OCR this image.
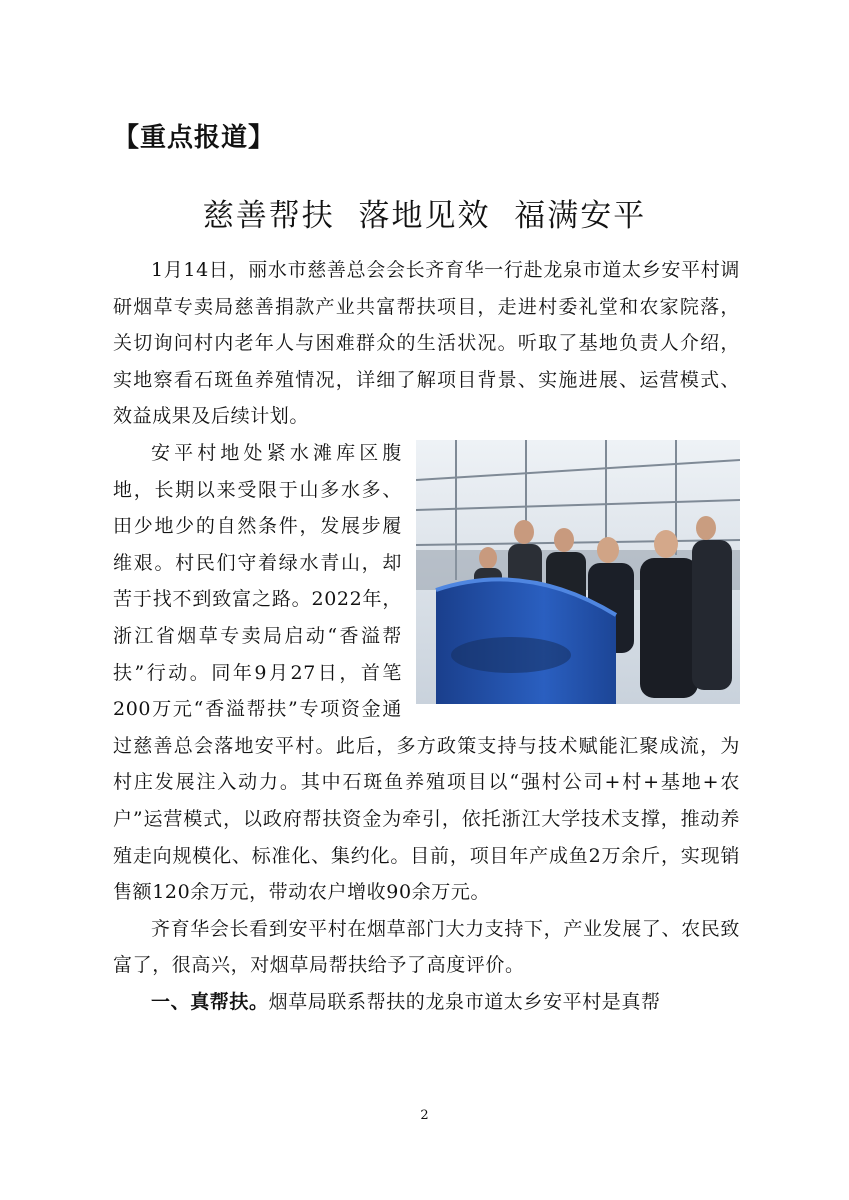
【重点报道】
慈善帮扶  落地见效  福满安平

1月14日，丽水市慈善总会会长齐育华一行赴龙泉市道太乡安平村调研烟草专卖局慈善捐款产业共富帮扶项目，走进村委礼堂和农家院落，关切询问村内老年人与困难群众的生活状况。听取了基地负责人介绍，实地察看石斑鱼养殖情况，详细了解项目背景、实施进展、运营模式、效益成果及后续计划。

安平村地处紧水滩库区腹地，长期以来受限于山多水多、田少地少的自然条件，发展步履维艰。村民们守着绿水青山，却苦于找不到致富之路。2022年，浙江省烟草专卖局启动“香溢帮扶”行动。同年9月27日，首笔200万元“香溢帮扶”专项资金通过慈善总会落地安平村。此后，多方政策支持与技术赋能汇聚成流，为村庄发展注入动力。其中石斑鱼养殖项目以“强村公司+村+基地+农户”运营模式，以政府帮扶资金为牵引，依托浙江大学技术支撑，推动养殖走向规模化、标准化、集约化。目前，项目年产成鱼2万余斤，实现销售额120余万元，带动农户增收90余万元。

齐育华会长看到安平村在烟草部门大力支持下，产业发展了、农民致富了，很高兴，对烟草局帮扶给予了高度评价。

一、真帮扶。烟草局联系帮扶的龙泉市道太乡安平村是真帮

2
